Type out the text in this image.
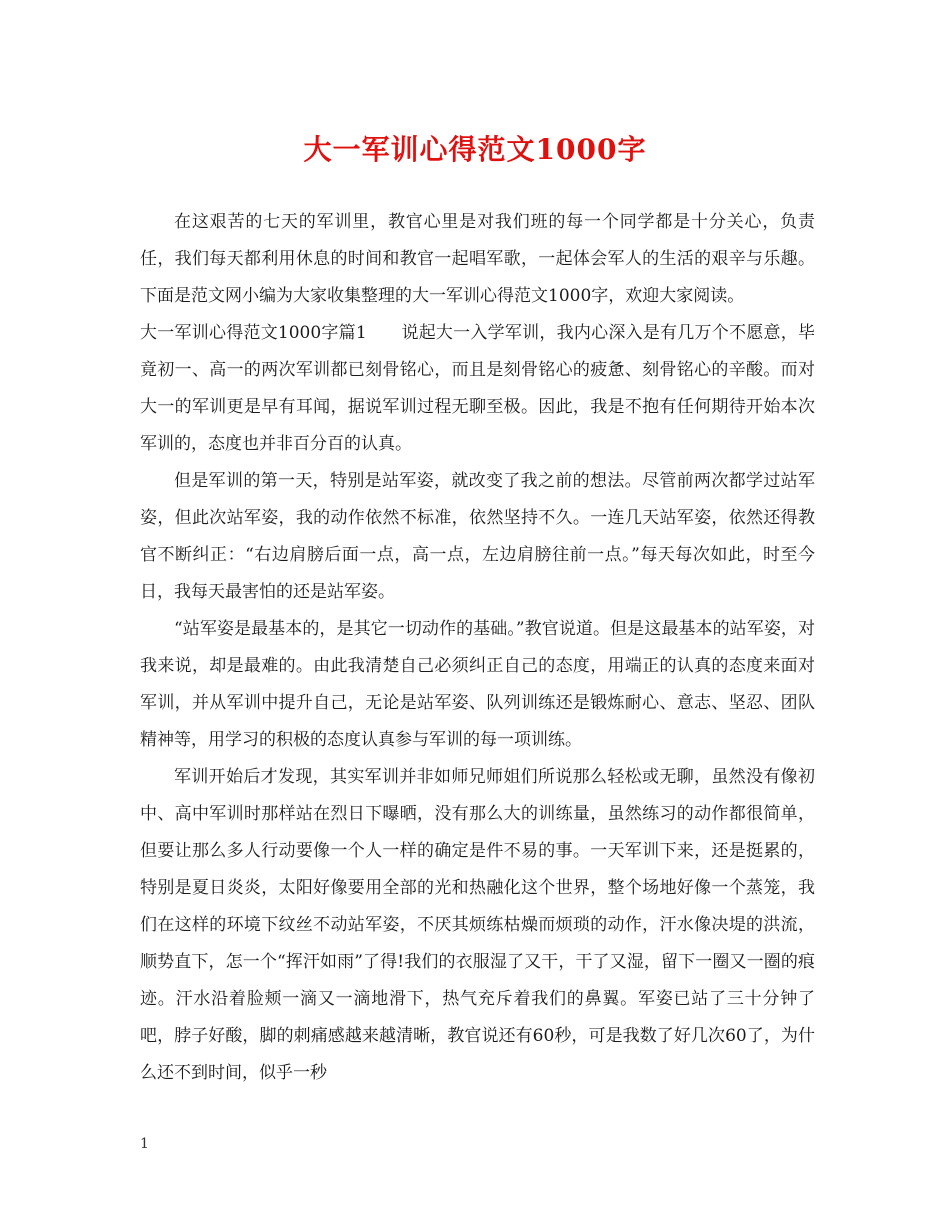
大一军训心得范文1000字

在这艰苦的七天的军训里，教官心里是对我们班的每一个同学都是十分关心，负责任，我们每天都利用休息的时间和教官一起唱军歌，一起体会军人的生活的艰辛与乐趣。下面是范文网小编为大家收集整理的大一军训心得范文1000字，欢迎大家阅读。

大一军训心得范文1000字篇1　　说起大一入学军训，我内心深入是有几万个不愿意，毕竟初一、高一的两次军训都已刻骨铭心，而且是刻骨铭心的疲惫、刻骨铭心的辛酸。而对大一的军训更是早有耳闻，据说军训过程无聊至极。因此，我是不抱有任何期待开始本次军训的，态度也并非百分百的认真。

但是军训的第一天，特别是站军姿，就改变了我之前的想法。尽管前两次都学过站军姿，但此次站军姿，我的动作依然不标准，依然坚持不久。一连几天站军姿，依然还得教官不断纠正：“右边肩膀后面一点，高一点，左边肩膀往前一点。”每天每次如此，时至今日，我每天最害怕的还是站军姿。

“站军姿是最基本的，是其它一切动作的基础。”教官说道。但是这最基本的站军姿，对我来说，却是最难的。由此我清楚自己必须纠正自己的态度，用端正的认真的态度来面对军训，并从军训中提升自己，无论是站军姿、队列训练还是锻炼耐心、意志、坚忍、团队精神等，用学习的积极的态度认真参与军训的每一项训练。

军训开始后才发现，其实军训并非如师兄师姐们所说那么轻松或无聊，虽然没有像初中、高中军训时那样站在烈日下曝晒，没有那么大的训练量，虽然练习的动作都很简单，但要让那么多人行动要像一个人一样的确定是件不易的事。一天军训下来，还是挺累的，特别是夏日炎炎，太阳好像要用全部的光和热融化这个世界，整个场地好像一个蒸笼，我们在这样的环境下纹丝不动站军姿，不厌其烦练枯燥而烦琐的动作，汗水像决堤的洪流，顺势直下，怎一个“挥汗如雨”了得!我们的衣服湿了又干，干了又湿，留下一圈又一圈的痕迹。汗水沿着脸颊一滴又一滴地滑下，热气充斥着我们的鼻翼。军姿已站了三十分钟了吧，脖子好酸，脚的刺痛感越来越清晰，教官说还有60秒，可是我数了好几次60了，为什么还不到时间，似乎一秒

1
